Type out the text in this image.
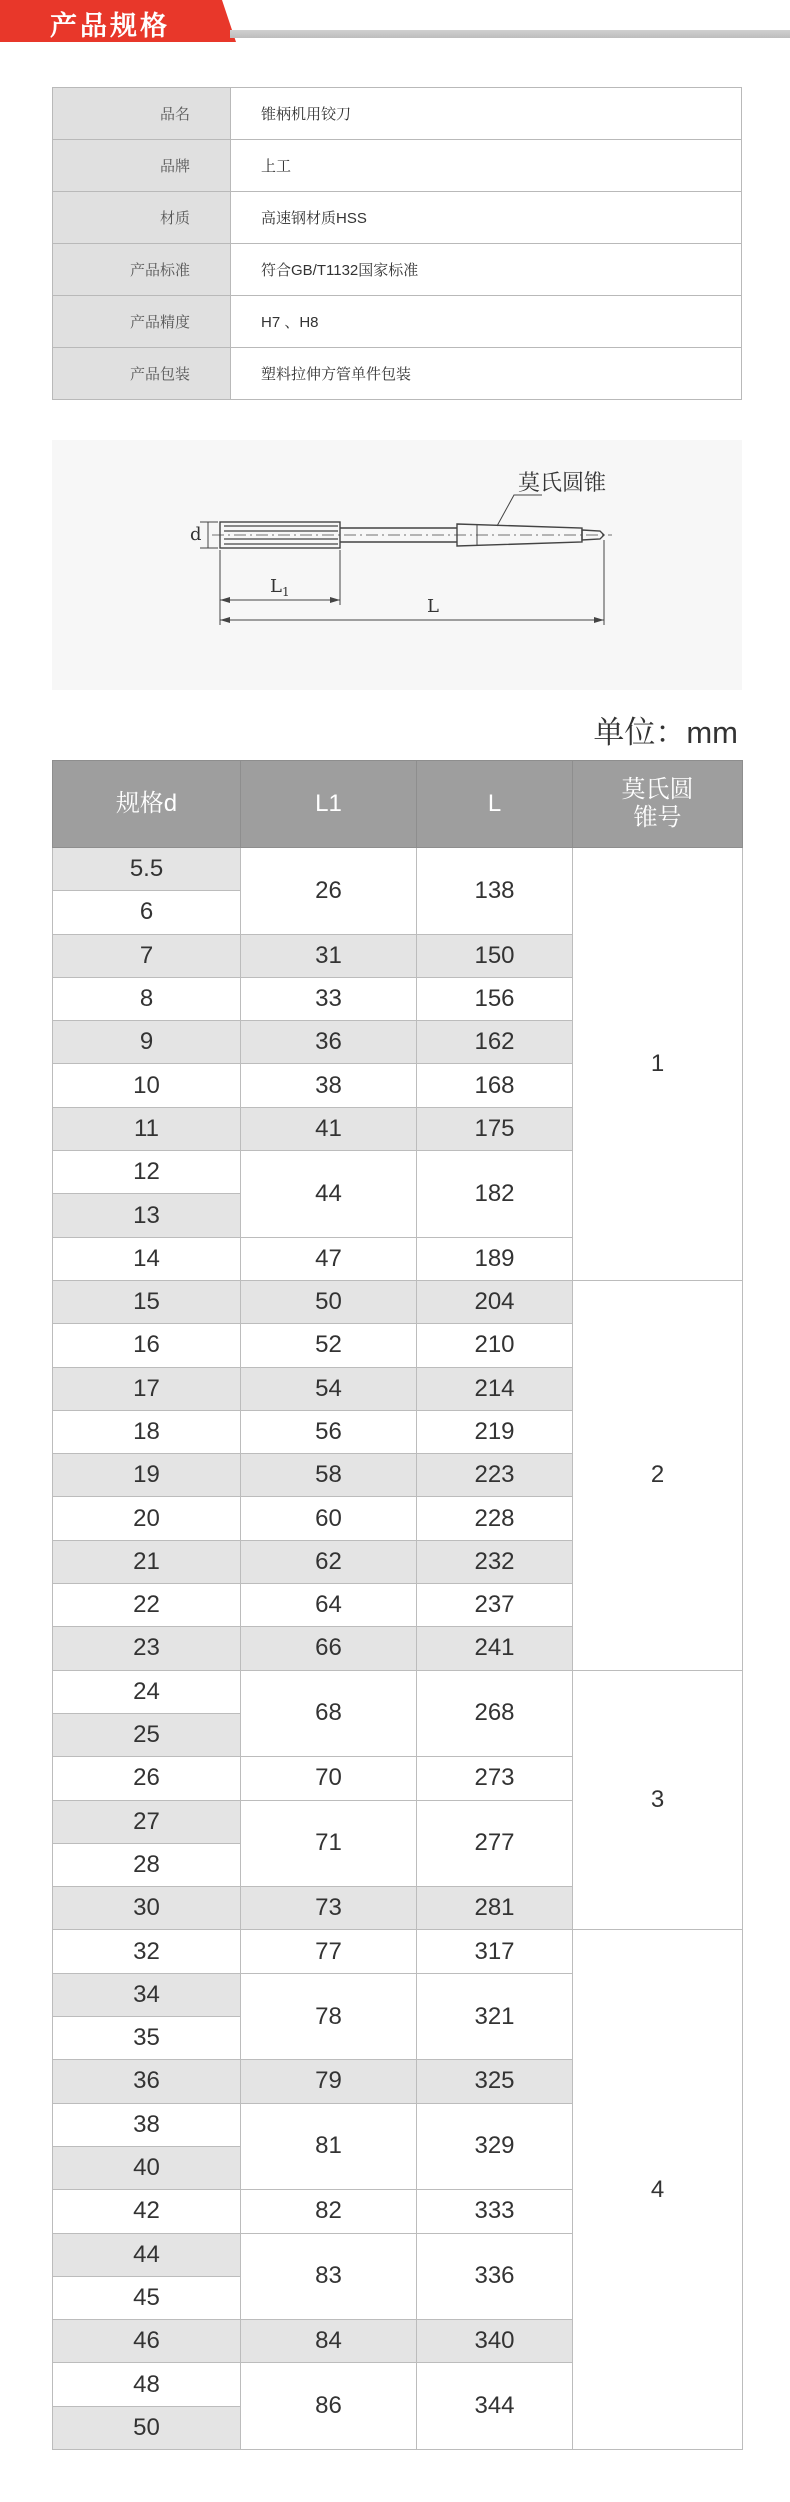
产品规格
品名	锥柄机用铰刀
品牌	上工
材质	高速钢材质HSS
产品标准	符合GB/T1132国家标准
产品精度	H7 、H8
产品包装	塑料拉伸方管单件包装
莫氏圆锥
d
$L_1$
L
单位：mm
规格d	L1	L	莫氏圆
锥号
5.5	26	138	1
6			
7	31	150	
8	33	156	
9	36	162	
10	38	168	
11	41	175	
12	44	182	
13			
14	47	189	
15	50	204	2
16	52	210	
17	54	214	
18	56	219	
19	58	223	
20	60	228	
21	62	232	
22	64	237	
23	66	241	
24	68	268	3
25			
26	70	273	
27	71	277	
28			
30	73	281	
32	77	317	4
34	78	321	
35			
36	79	325	
38	81	329	
40			
42	82	333	
44	83	336	
45			
46	84	340	
48	86	344	
50			
